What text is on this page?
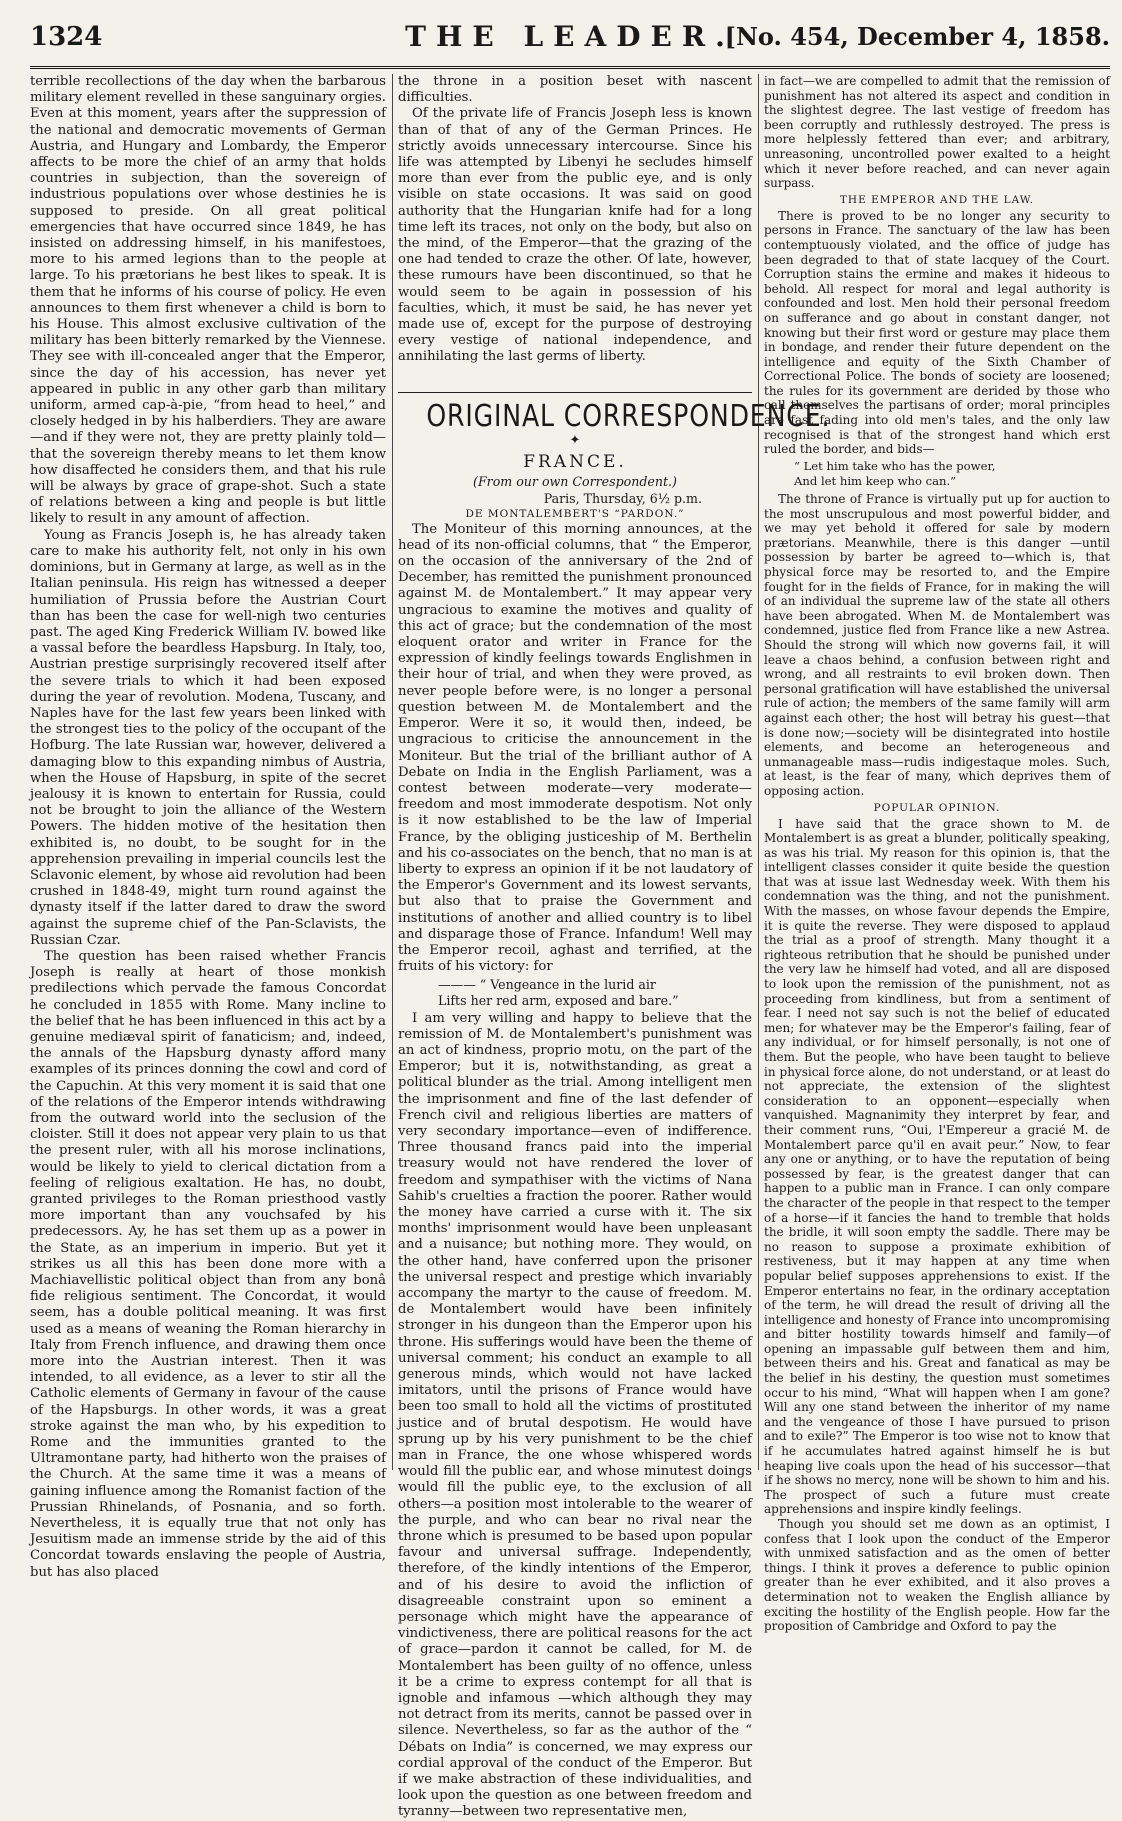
1324	THE LEADER.
[No. 454, December 4, 1858.

terrible recollections of the day when the barbarous military element revelled in these sanguinary orgies. Even at this moment, years after the suppression of the national and democratic movements of German Austria, and Hungary and Lombardy, the Emperor affects to be more the chief of an army that holds countries in subjection, than the sovereign of industrious populations over whose destinies he is supposed to preside. On all great political emergencies that have occurred since 1849, he has insisted on addressing himself, in his manifestoes, more to his armed legions than to the people at large. To his prætorians he best likes to speak. It is them that he informs of his course of policy. He even announces to them first whenever a child is born to his House. This almost exclusive cultivation of the military has been bitterly remarked by the Viennese. They see with ill-concealed anger that the Emperor, since the day of his accession, has never yet appeared in public in any other garb than military uniform, armed cap-à-pie, “from head to heel,” and closely hedged in by his halberdiers. They are aware—and if they were not, they are pretty plainly told—that the sovereign thereby means to let them know how disaffected he considers them, and that his rule will be always by grace of grape-shot. Such a state of relations between a king and people is but little likely to result in any amount of affection.

Young as Francis Joseph is, he has already taken care to make his authority felt, not only in his own dominions, but in Germany at large, as well as in the Italian peninsula. His reign has witnessed a deeper humiliation of Prussia before the Austrian Court than has been the case for well-nigh two centuries past. The aged King Frederick William IV. bowed like a vassal before the beardless Hapsburg. In Italy, too, Austrian prestige surprisingly recovered itself after the severe trials to which it had been exposed during the year of revolution. Modena, Tuscany, and Naples have for the last few years been linked with the strongest ties to the policy of the occupant of the Hofburg. The late Russian war, however, delivered a damaging blow to this expanding nimbus of Austria, when the House of Hapsburg, in spite of the secret jealousy it is known to entertain for Russia, could not be brought to join the alliance of the Western Powers. The hidden motive of the hesitation then exhibited is, no doubt, to be sought for in the apprehension prevailing in imperial councils lest the Sclavonic element, by whose aid revolution had been crushed in 1848-49, might turn round against the dynasty itself if the latter dared to draw the sword against the supreme chief of the Pan-Sclavists, the Russian Czar.

The question has been raised whether Francis Joseph is really at heart of those monkish predilections which pervade the famous Concordat he concluded in 1855 with Rome. Many incline to the belief that he has been influenced in this act by a genuine mediæval spirit of fanaticism; and, indeed, the annals of the Hapsburg dynasty afford many examples of its princes donning the cowl and cord of the Capuchin. At this very moment it is said that one of the relations of the Emperor intends withdrawing from the outward world into the seclusion of the cloister. Still it does not appear very plain to us that the present ruler, with all his morose inclinations, would be likely to yield to clerical dictation from a feeling of religious exaltation. He has, no doubt, granted privileges to the Roman priesthood vastly more important than any vouchsafed by his predecessors. Ay, he has set them up as a power in the State, as an imperium in imperio. But yet it strikes us all this has been done more with a Machiavellistic political object than from any bonâ fide religious sentiment. The Concordat, it would seem, has a double political meaning. It was first used as a means of weaning the Roman hierarchy in Italy from French influence, and drawing them once more into the Austrian interest. Then it was intended, to all evidence, as a lever to stir all the Catholic elements of Germany in favour of the cause of the Hapsburgs. In other words, it was a great stroke against the man who, by his expedition to Rome and the immunities granted to the Ultramontane party, had hitherto won the praises of the Church. At the same time it was a means of gaining influence among the Romanist faction of the Prussian Rhinelands, of Posnania, and so forth. Nevertheless, it is equally true that not only has Jesuitism made an immense stride by the aid of this Concordat towards enslaving the people of Austria, but has also placed

the throne in a position beset with nascent difficulties.

Of the private life of Francis Joseph less is known than of that of any of the German Princes. He strictly avoids unnecessary intercourse. Since his life was attempted by Libenyi he secludes himself more than ever from the public eye, and is only visible on state occasions. It was said on good authority that the Hungarian knife had for a long time left its traces, not only on the body, but also on the mind, of the Emperor—that the grazing of the one had tended to craze the other. Of late, however, these rumours have been discontinued, so that he would seem to be again in possession of his faculties, which, it must be said, he has never yet made use of, except for the purpose of destroying every vestige of national independence, and annihilating the last germs of liberty.

ORIGINAL CORRESPONDENCE.
✦
FRANCE.
(From our own Correspondent.)
Paris, Thursday, 6½ p.m.
DE MONTALEMBERT'S “PARDON.”

The Moniteur of this morning announces, at the head of its non-official columns, that “ the Emperor, on the occasion of the anniversary of the 2nd of December, has remitted the punishment pronounced against M. de Montalembert.” It may appear very ungracious to examine the motives and quality of this act of grace; but the condemnation of the most eloquent orator and writer in France for the expression of kindly feelings towards Englishmen in their hour of trial, and when they were proved, as never people before were, is no longer a personal question between M. de Montalembert and the Emperor. Were it so, it would then, indeed, be ungracious to criticise the announcement in the Moniteur. But the trial of the brilliant author of A Debate on India in the English Parliament, was a contest between moderate—very moderate—freedom and most immoderate despotism. Not only is it now established to be the law of Imperial France, by the obliging justiceship of M. Berthelin and his co-associates on the bench, that no man is at liberty to express an opinion if it be not laudatory of the Emperor's Government and its lowest servants, but also that to praise the Government and institutions of another and allied country is to libel and disparage those of France. Infandum! Well may the Emperor recoil, aghast and terrified, at the fruits of his victory: for

——— “ Vengeance in the lurid air
Lifts her red arm, exposed and bare.”

I am very willing and happy to believe that the remission of M. de Montalembert's punishment was an act of kindness, proprio motu, on the part of the Emperor; but it is, notwithstanding, as great a political blunder as the trial. Among intelligent men the imprisonment and fine of the last defender of French civil and religious liberties are matters of very secondary importance—even of indifference. Three thousand francs paid into the imperial treasury would not have rendered the lover of freedom and sympathiser with the victims of Nana Sahib's cruelties a fraction the poorer. Rather would the money have carried a curse with it. The six months' imprisonment would have been unpleasant and a nuisance; but nothing more. They would, on the other hand, have conferred upon the prisoner the universal respect and prestige which invariably accompany the martyr to the cause of freedom. M. de Montalembert would have been infinitely stronger in his dungeon than the Emperor upon his throne. His sufferings would have been the theme of universal comment; his conduct an example to all generous minds, which would not have lacked imitators, until the prisons of France would have been too small to hold all the victims of prostituted justice and of brutal despotism. He would have sprung up by his very punishment to be the chief man in France, the one whose whispered words would fill the public ear, and whose minutest doings would fill the public eye, to the exclusion of all others—a position most intolerable to the wearer of the purple, and who can bear no rival near the throne which is presumed to be based upon popular favour and universal suffrage. Independently, therefore, of the kindly intentions of the Emperor, and of his desire to avoid the infliction of disagreeable constraint upon so eminent a personage which might have the appearance of vindictiveness, there are political reasons for the act of grace—pardon it cannot be called, for M. de Montalembert has been guilty of no offence, unless it be a crime to express contempt for all that is ignoble and infamous —which although they may not detract from its merits, cannot be passed over in silence. Nevertheless, so far as the author of the “ Débats on India” is concerned, we may express our cordial approval of the conduct of the Emperor. But if we make abstraction of these individualities, and look upon the question as one between freedom and tyranny—between two representative men,

in fact—we are compelled to admit that the remission of punishment has not altered its aspect and condition in the slightest degree. The last vestige of freedom has been corruptly and ruthlessly destroyed. The press is more helplessly fettered than ever; and arbitrary, unreasoning, uncontrolled power exalted to a height which it never before reached, and can never again surpass.

THE EMPEROR AND THE LAW.

There is proved to be no longer any security to persons in France. The sanctuary of the law has been contemptuously violated, and the office of judge has been degraded to that of state lacquey of the Court. Corruption stains the ermine and makes it hideous to behold. All respect for moral and legal authority is confounded and lost. Men hold their personal freedom on sufferance and go about in constant danger, not knowing but their first word or gesture may place them in bondage, and render their future dependent on the intelligence and equity of the Sixth Chamber of Correctional Police. The bonds of society are loosened; the rules for its government are derided by those who call themselves the partisans of order; moral principles are fast fading into old men's tales, and the only law recognised is that of the strongest hand which erst ruled the border, and bids—

“ Let him take who has the power,
And let him keep who can.”

The throne of France is virtually put up for auction to the most unscrupulous and most powerful bidder, and we may yet behold it offered for sale by modern prætorians. Meanwhile, there is this danger —until possession by barter be agreed to—which is, that physical force may be resorted to, and the Empire fought for in the fields of France, for in making the will of an individual the supreme law of the state all others have been abrogated. When M. de Montalembert was condemned, justice fled from France like a new Astrea. Should the strong will which now governs fail, it will leave a chaos behind, a confusion between right and wrong, and all restraints to evil broken down. Then personal gratification will have established the universal rule of action; the members of the same family will arm against each other; the host will betray his guest—that is done now;—society will be disintegrated into hostile elements, and become an heterogeneous and unmanageable mass—rudis indigestaque moles. Such, at least, is the fear of many, which deprives them of opposing action.

POPULAR OPINION.

I have said that the grace shown to M. de Montalembert is as great a blunder, politically speaking, as was his trial. My reason for this opinion is, that the intelligent classes consider it quite beside the question that was at issue last Wednesday week. With them his condemnation was the thing, and not the punishment. With the masses, on whose favour depends the Empire, it is quite the reverse. They were disposed to applaud the trial as a proof of strength. Many thought it a righteous retribution that he should be punished under the very law he himself had voted, and all are disposed to look upon the remission of the punishment, not as proceeding from kindliness, but from a sentiment of fear. I need not say such is not the belief of educated men; for whatever may be the Emperor's failing, fear of any individual, or for himself personally, is not one of them. But the people, who have been taught to believe in physical force alone, do not understand, or at least do not appreciate, the extension of the slightest consideration to an opponent—especially when vanquished. Magnanimity they interpret by fear, and their comment runs, “Oui, l'Empereur a gracié M. de Montalembert parce qu'il en avait peur.” Now, to fear any one or anything, or to have the reputation of being possessed by fear, is the greatest danger that can happen to a public man in France. I can only compare the character of the people in that respect to the temper of a horse—if it fancies the hand to tremble that holds the bridle, it will soon empty the saddle. There may be no reason to suppose a proximate exhibition of restiveness, but it may happen at any time when popular belief supposes apprehensions to exist. If the Emperor entertains no fear, in the ordinary acceptation of the term, he will dread the result of driving all the intelligence and honesty of France into uncompromising and bitter hostility towards himself and family—of opening an impassable gulf between them and him, between theirs and his. Great and fanatical as may be the belief in his destiny, the question must sometimes occur to his mind, “What will happen when I am gone? Will any one stand between the inheritor of my name and the vengeance of those I have pursued to prison and to exile?” The Emperor is too wise not to know that if he accumulates hatred against himself he is but heaping live coals upon the head of his successor—that if he shows no mercy, none will be shown to him and his. The prospect of such a future must create apprehensions and inspire kindly feelings.

Though you should set me down as an optimist, I confess that I look upon the conduct of the Emperor with unmixed satisfaction and as the omen of better things. I think it proves a deference to public opinion greater than he ever exhibited, and it also proves a determination not to weaken the English alliance by exciting the hostility of the English people. How far the proposition of Cambridge and Oxford to pay the
